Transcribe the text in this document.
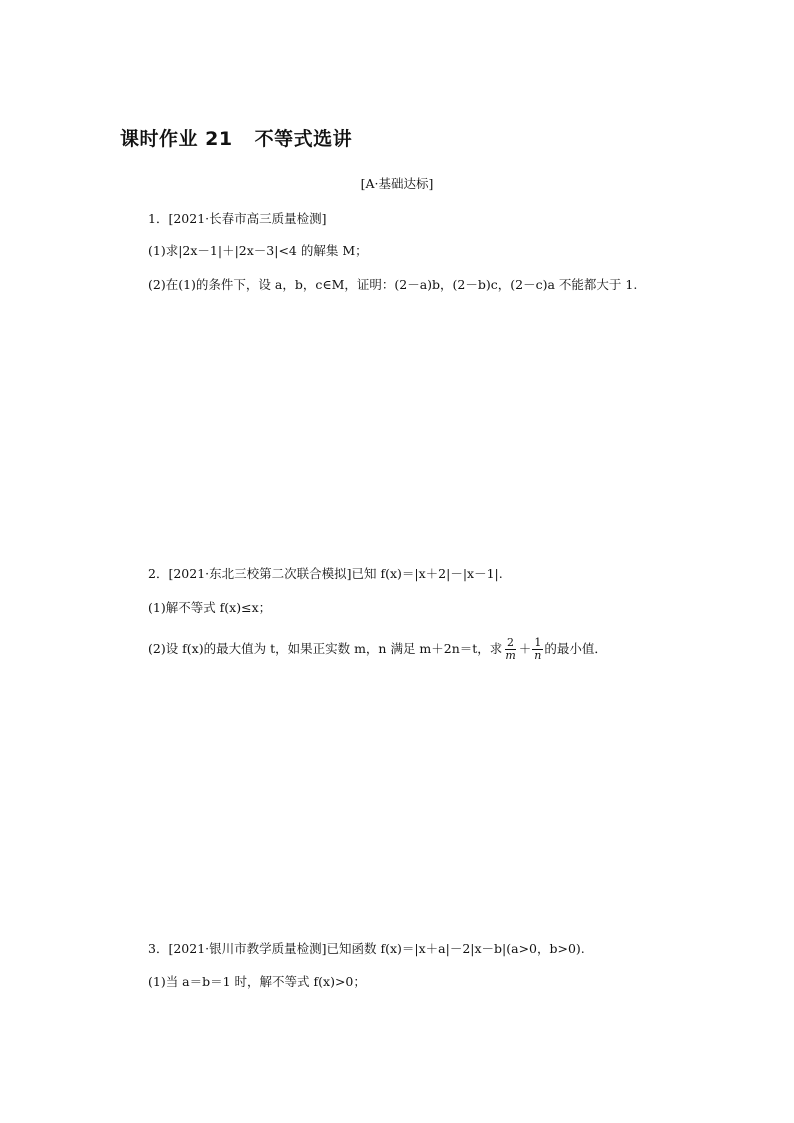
课时作业 21 不等式选讲
[A·基础达标]
1．[2021·长春市高三质量检测]
(1)求|2x－1|＋|2x－3|<4 的解集 M；
(2)在(1)的条件下，设 a，b，c∈M，证明：(2－a)b，(2－b)c，(2－c)a 不能都大于 1.
2．[2021·东北三校第二次联合模拟]已知 f(x)＝|x＋2|－|x－1|.
(1)解不等式 f(x)≤x；
(2)设 f(x)的最大值为 t，如果正实数 m，n 满足 m＋2n＝t，求 $\frac{2}{m} + \frac{1}{n}$ 的最小值．
3．[2021·银川市教学质量检测]已知函数 f(x)＝|x＋a|－2|x－b|(a>0，b>0).
(1)当 a＝b＝1 时，解不等式 f(x)>0；
